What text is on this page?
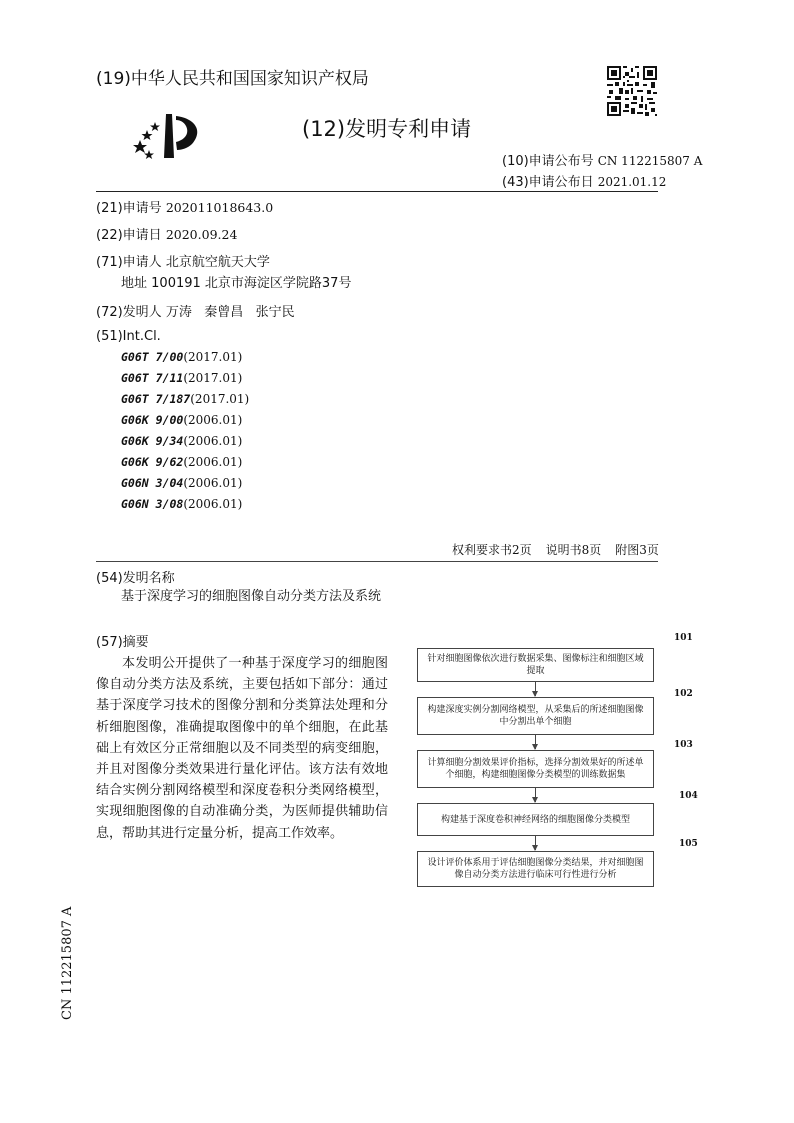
(19)中华人民共和国国家知识产权局
(12)发明专利申请
(10)申请公布号 CN 112215807 A
(43)申请公布日 2021.01.12
(21)申请号 202011018643.0
(22)申请日 2020.09.24
(71)申请人 北京航空航天大学
地址 100191 北京市海淀区学院路37号
(72)发明人 万涛   秦曾昌   张宁民
(51)Int.Cl.
G06T 7/00(2017.01)
G06T 7/11(2017.01)
G06T 7/187(2017.01)
G06K 9/00(2006.01)
G06K 9/34(2006.01)
G06K 9/62(2006.01)
G06N 3/04(2006.01)
G06N 3/08(2006.01)
权利要求书2页 说明书8页 附图3页
(54)发明名称
基于深度学习的细胞图像自动分类方法及系统
(57)摘要
本发明公开提供了一种基于深度学习的细胞图像自动分类方法及系统，主要包括如下部分：通过基于深度学习技术的图像分割和分类算法处理和分析细胞图像，准确提取图像中的单个细胞，在此基础上有效区分正常细胞以及不同类型的病变细胞，并且对图像分类效果进行量化评估。该方法有效地结合实例分割网络模型和深度卷积分类网络模型，实现细胞图像的自动准确分类，为医师提供辅助信息，帮助其进行定量分析，提高工作效率。
101
针对细胞图像依次进行数据采集、图像标注和细胞区域提取
102
构建深度实例分割网络模型，从采集后的所述细胞图像中分割出单个细胞
103
计算细胞分割效果评价指标，选择分割效果好的所述单个细胞，构建细胞图像分类模型的训练数据集
104
构建基于深度卷积神经网络的细胞图像分类模型
105
设计评价体系用于评估细胞图像分类结果，并对细胞图像自动分类方法进行临床可行性进行分析
CN 112215807 A
